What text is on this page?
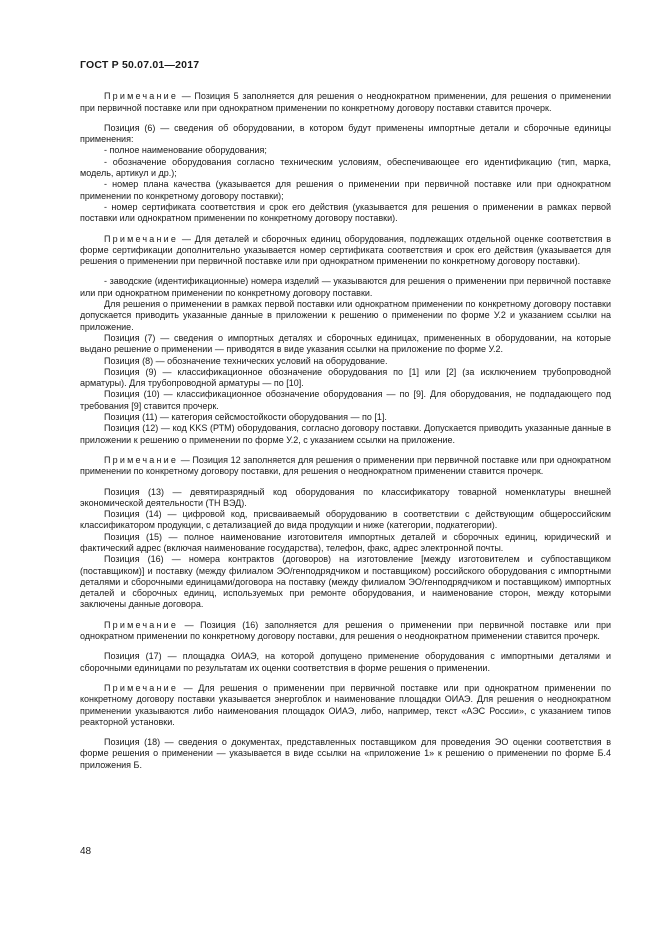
ГОСТ Р 50.07.01—2017

Примечание — Позиция 5 заполняется для решения о неоднократном применении, для решения о применении при первичной поставке или при однократном применении по конкретному договору поставки ставится прочерк.

Позиция (6) — сведения об оборудовании, в котором будут применены импортные детали и сборочные единицы применения:

- полное наименование оборудования;

- обозначение оборудования согласно техническим условиям, обеспечивающее его идентификацию (тип, марка, модель, артикул и др.);

- номер плана качества (указывается для решения о применении при первичной поставке или при однократном применении по конкретному договору поставки);

- номер сертификата соответствия и срок его действия (указывается для решения о применении в рамках первой поставки или однократном применении по конкретному договору поставки).

Примечание — Для деталей и сборочных единиц оборудования, подлежащих отдельной оценке соответствия в форме сертификации дополнительно указывается номер сертификата соответствия и срок его действия (указывается для решения о применении при первичной поставке или при однократном применении по конкретному договору поставки).

- заводские (идентификационные) номера изделий — указываются для решения о применении при первичной поставке или при однократном применении по конкретному договору поставки.

Для решения о применении в рамках первой поставки или однократном применении по конкретному договору поставки допускается приводить указанные данные в приложении к решению о применении по форме У.2 и указанием ссылки на приложение.

Позиция (7) — сведения о импортных деталях и сборочных единицах, примененных в оборудовании, на которые выдано решение о применении — приводятся в виде указания ссылки на приложение по форме У.2.

Позиция (8) — обозначение технических условий на оборудование.

Позиция (9) — классификационное обозначение оборудования по [1] или [2] (за исключением трубопроводной арматуры). Для трубопроводной арматуры — по [10].

Позиция (10) — классификационное обозначение оборудования — по [9]. Для оборудования, не подпадающего под требования [9] ставится прочерк.

Позиция (11) — категория сейсмостойкости оборудования — по [1].

Позиция (12) — код KKS (РТМ) оборудования, согласно договору поставки. Допускается приводить указанные данные в приложении к решению о применении по форме У.2, с указанием ссылки на приложение.

Примечание — Позиция 12 заполняется для решения о применении при первичной поставке или при однократном применении по конкретному договору поставки, для решения о неоднократном применении ставится прочерк.

Позиция (13) — девятиразрядный код оборудования по классификатору товарной номенклатуры внешней экономической деятельности (ТН ВЭД).

Позиция (14) — цифровой код, присваиваемый оборудованию в соответствии с действующим общероссийским классификатором продукции, с детализацией до вида продукции и ниже (категории, подкатегории).

Позиция (15) — полное наименование изготовителя импортных деталей и сборочных единиц, юридический и фактический адрес (включая наименование государства), телефон, факс, адрес электронной почты.

Позиция (16) — номера контрактов (договоров) на изготовление [между изготовителем и субпоставщиком (поставщиком)] и поставку (между филиалом ЭО/генподрядчиком и поставщиком) российского оборудования с импортными деталями и сборочными единицами/договора на поставку (между филиалом ЭО/генподрядчиком и поставщиком) импортных деталей и сборочных единиц, используемых при ремонте оборудования, и наименование сторон, между которыми заключены данные договора.

Примечание — Позиция (16) заполняется для решения о применении при первичной поставке или при однократном применении по конкретному договору поставки, для решения о неоднократном применении ставится прочерк.

Позиция (17) — площадка ОИАЭ, на которой допущено применение оборудования с импортными деталями и сборочными единицами по результатам их оценки соответствия в форме решения о применении.

Примечание — Для решения о применении при первичной поставке или при однократном применении по конкретному договору поставки указывается энергоблок и наименование площадки ОИАЭ. Для решения о неоднократном применении указываются либо наименования площадок ОИАЭ, либо, например, текст «АЭС России», с указанием типов реакторной установки.

Позиция (18) — сведения о документах, представленных поставщиком для проведения ЭО оценки соответствия в форме решения о применении — указывается в виде ссылки на «приложение 1» к решению о применении по форме Б.4 приложения Б.

48
